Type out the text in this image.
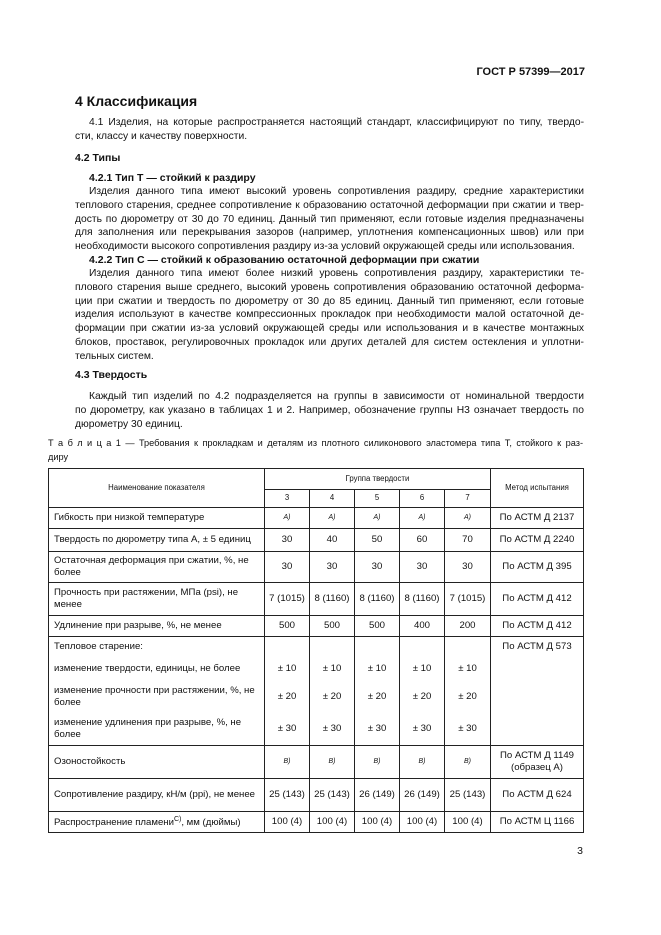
ГОСТ Р 57399—2017
4 Классификация
4.1 Изделия, на которые распространяется настоящий стандарт, классифицируют по типу, твердо-
сти, классу и качеству поверхности.
4.2 Типы
4.2.1 Тип Т — стойкий к раздиру
Изделия данного типа имеют высокий уровень сопротивления раздиру, средние характеристики
теплового старения, среднее сопротивление к образованию остаточной деформации при сжатии и твер-
дость по дюрометру от 30 до 70 единиц. Данный тип применяют, если готовые изделия предназначены
для заполнения или перекрывания зазоров (например, уплотнения компенсационных швов) или при
необходимости высокого сопротивления раздиру из-за условий окружающей среды или использования.
4.2.2 Тип С — стойкий к образованию остаточной деформации при сжатии
Изделия данного типа имеют более низкий уровень сопротивления раздиру, характеристики те-
плового старения выше среднего, высокий уровень сопротивления образованию остаточной деформа-
ции при сжатии и твердость по дюрометру от 30 до 85 единиц. Данный тип применяют, если готовые
изделия используют в качестве компрессионных прокладок при необходимости малой остаточной де-
формации при сжатии из-за условий окружающей среды или использования и в качестве монтажных
блоков, проставок, регулировочных прокладок или других деталей для систем остекления и уплотни-
тельных систем.
4.3 Твердость
Каждый тип изделий по 4.2 подразделяется на группы в зависимости от номинальной твердости
по дюрометру, как указано в таблицах 1 и 2. Например, обозначение группы Н3 означает твердость по
дюрометру 30 единиц.
Т а б л и ц а 1 — Требования к прокладкам и деталям из плотного силиконового эластомера типа Т, стойкого к раз-
диру
Наименование показателя	Группа твердости					Метод испытания
	3	4	5	6	7	
Гибкость при низкой температуре	A)	A)	A)	A)	A)	По АСТМ Д 2137
Твердость по дюрометру типа А, ± 5 единиц	30	40	50	60	70	По АСТМ Д 2240
Остаточная деформация при сжатии, %, не более	30	30	30	30	30	По АСТМ Д 395
Прочность при растяжении, МПа (psi), не менее	7 (1015)	8 (1160)	8 (1160)	8 (1160)	7 (1015)	По АСТМ Д 412
Удлинение при разрыве, %, не менее	500	500	500	400	200	По АСТМ Д 412
Тепловое старение:						По АСТМ Д 573
изменение твердости, единицы, не более	± 10	± 10	± 10	± 10	± 10	
изменение прочности при растяжении, %, не более	± 20	± 20	± 20	± 20	± 20	
изменение удлинения при разрыве, %, не более	± 30	± 30	± 30	± 30	± 30	
Озоностойкость	B)	B)	B)	B)	B)	По АСТМ Д 1149 (образец А)
Сопротивление раздиру, кН/м (ppi), не менее	25 (143)	25 (143)	26 (149)	26 (149)	25 (143)	По АСТМ Д 624
Распространение пламени$^{C)}$, мм (дюймы)	100 (4)	100 (4)	100 (4)	100 (4)	100 (4)	По АСТМ Ц 1166
3
